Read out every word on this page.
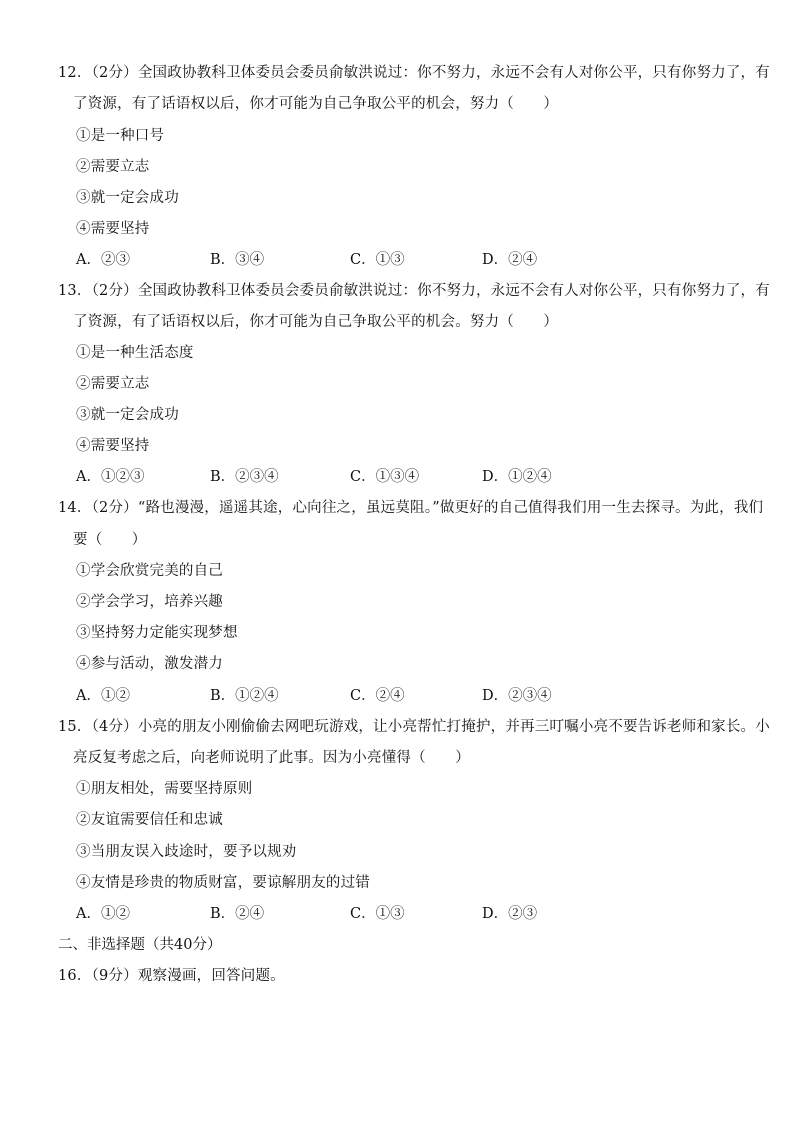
12．（2分）全国政协教科卫体委员会委员俞敏洪说过：你不努力，永远不会有人对你公平，只有你努力了，有
了资源，有了话语权以后，你才可能为自己争取公平的机会，努力（　　）
①是一种口号
②需要立志
③就一定会成功
④需要坚持
A．②③	B．③④	C．①③	D．②④
13．（2分）全国政协教科卫体委员会委员俞敏洪说过：你不努力，永远不会有人对你公平，只有你努力了，有
了资源，有了话语权以后，你才可能为自己争取公平的机会。努力（　　）
①是一种生活态度
②需要立志
③就一定会成功
④需要坚持
A．①②③	B．②③④	C．①③④	D．①②④
14．（2分）“路也漫漫，遥遥其途，心向往之，虽远莫阻。”做更好的自己值得我们用一生去探寻。为此，我们
要（　　）
①学会欣赏完美的自己
②学会学习，培养兴趣
③坚持努力定能实现梦想
④参与活动，激发潜力
A．①②	B．①②④	C．②④	D．②③④
15．（4分）小亮的朋友小刚偷偷去网吧玩游戏，让小亮帮忙打掩护，并再三叮嘱小亮不要告诉老师和家长。小
亮反复考虑之后，向老师说明了此事。因为小亮懂得（　　）
①朋友相处，需要坚持原则
②友谊需要信任和忠诚
③当朋友误入歧途时，要予以规劝
④友情是珍贵的物质财富，要谅解朋友的过错
A．①②	B．②④	C．①③	D．②③
二、非选择题（共40分）
16．（9分）观察漫画，回答问题。
